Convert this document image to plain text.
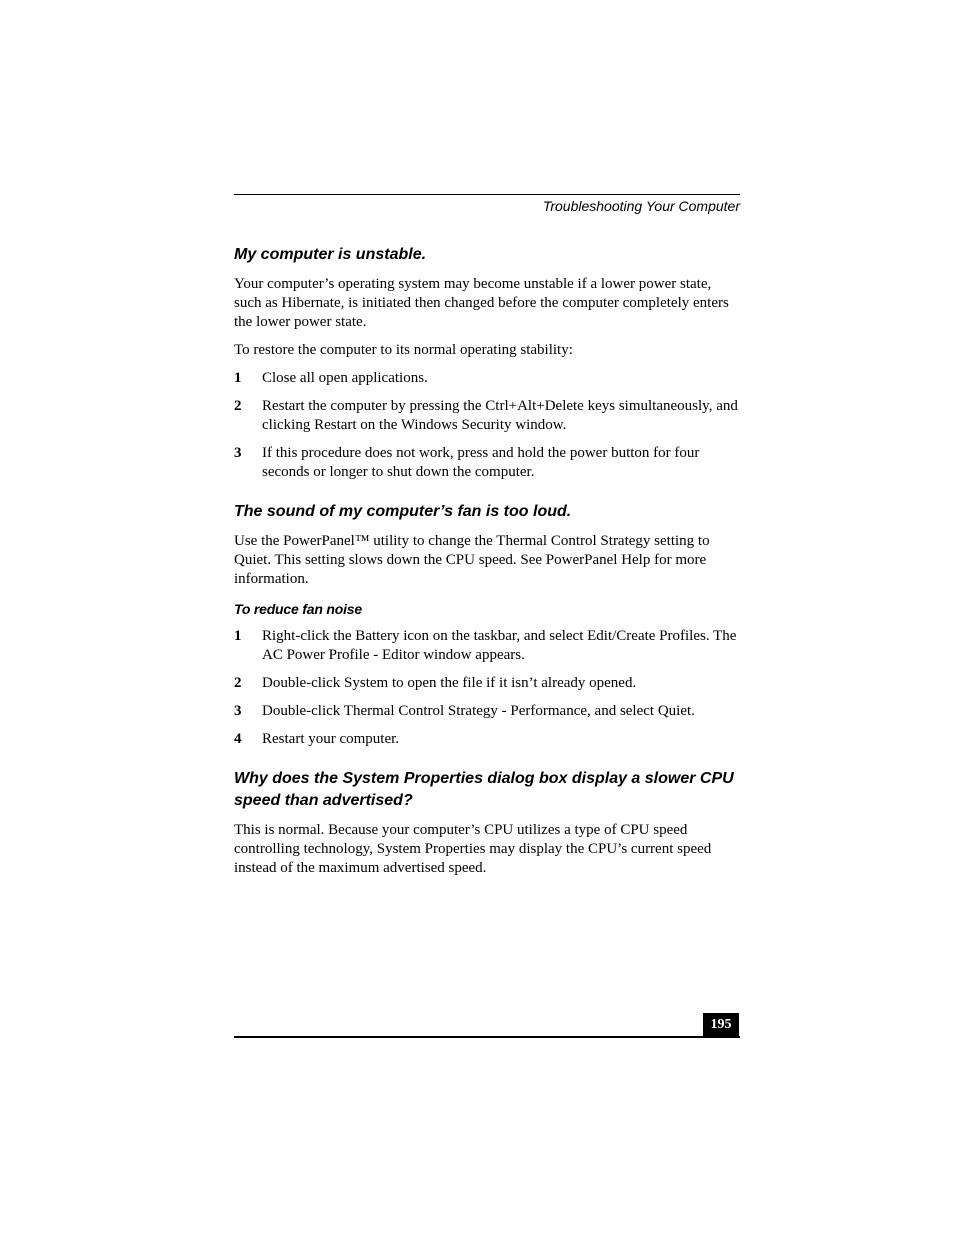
Troubleshooting Your Computer
My computer is unstable.

Your computer’s operating system may become unstable if a lower power state, such as Hibernate, is initiated then changed before the computer completely enters the lower power state.

To restore the computer to its normal operating stability:

1	Close all open applications.
2	Restart the computer by pressing the Ctrl+Alt+Delete keys simultaneously, and clicking Restart on the Windows Security window.
3	If this procedure does not work, press and hold the power button for four seconds or longer to shut down the computer.
The sound of my computer’s fan is too loud.

Use the PowerPanel™ utility to change the Thermal Control Strategy setting to Quiet. This setting slows down the CPU speed. See PowerPanel Help for more information.

To reduce fan noise
1	Right-click the Battery icon on the taskbar, and select Edit/Create Profiles. The AC Power Profile - Editor window appears.
2	Double-click System to open the file if it isn’t already opened.
3	Double-click Thermal Control Strategy - Performance, and select Quiet.
4	Restart your computer.
Why does the System Properties dialog box display a slower CPU speed than advertised?

This is normal. Because your computer’s CPU utilizes a type of CPU speed controlling technology, System Properties may display the CPU’s current speed instead of the maximum advertised speed.

195
